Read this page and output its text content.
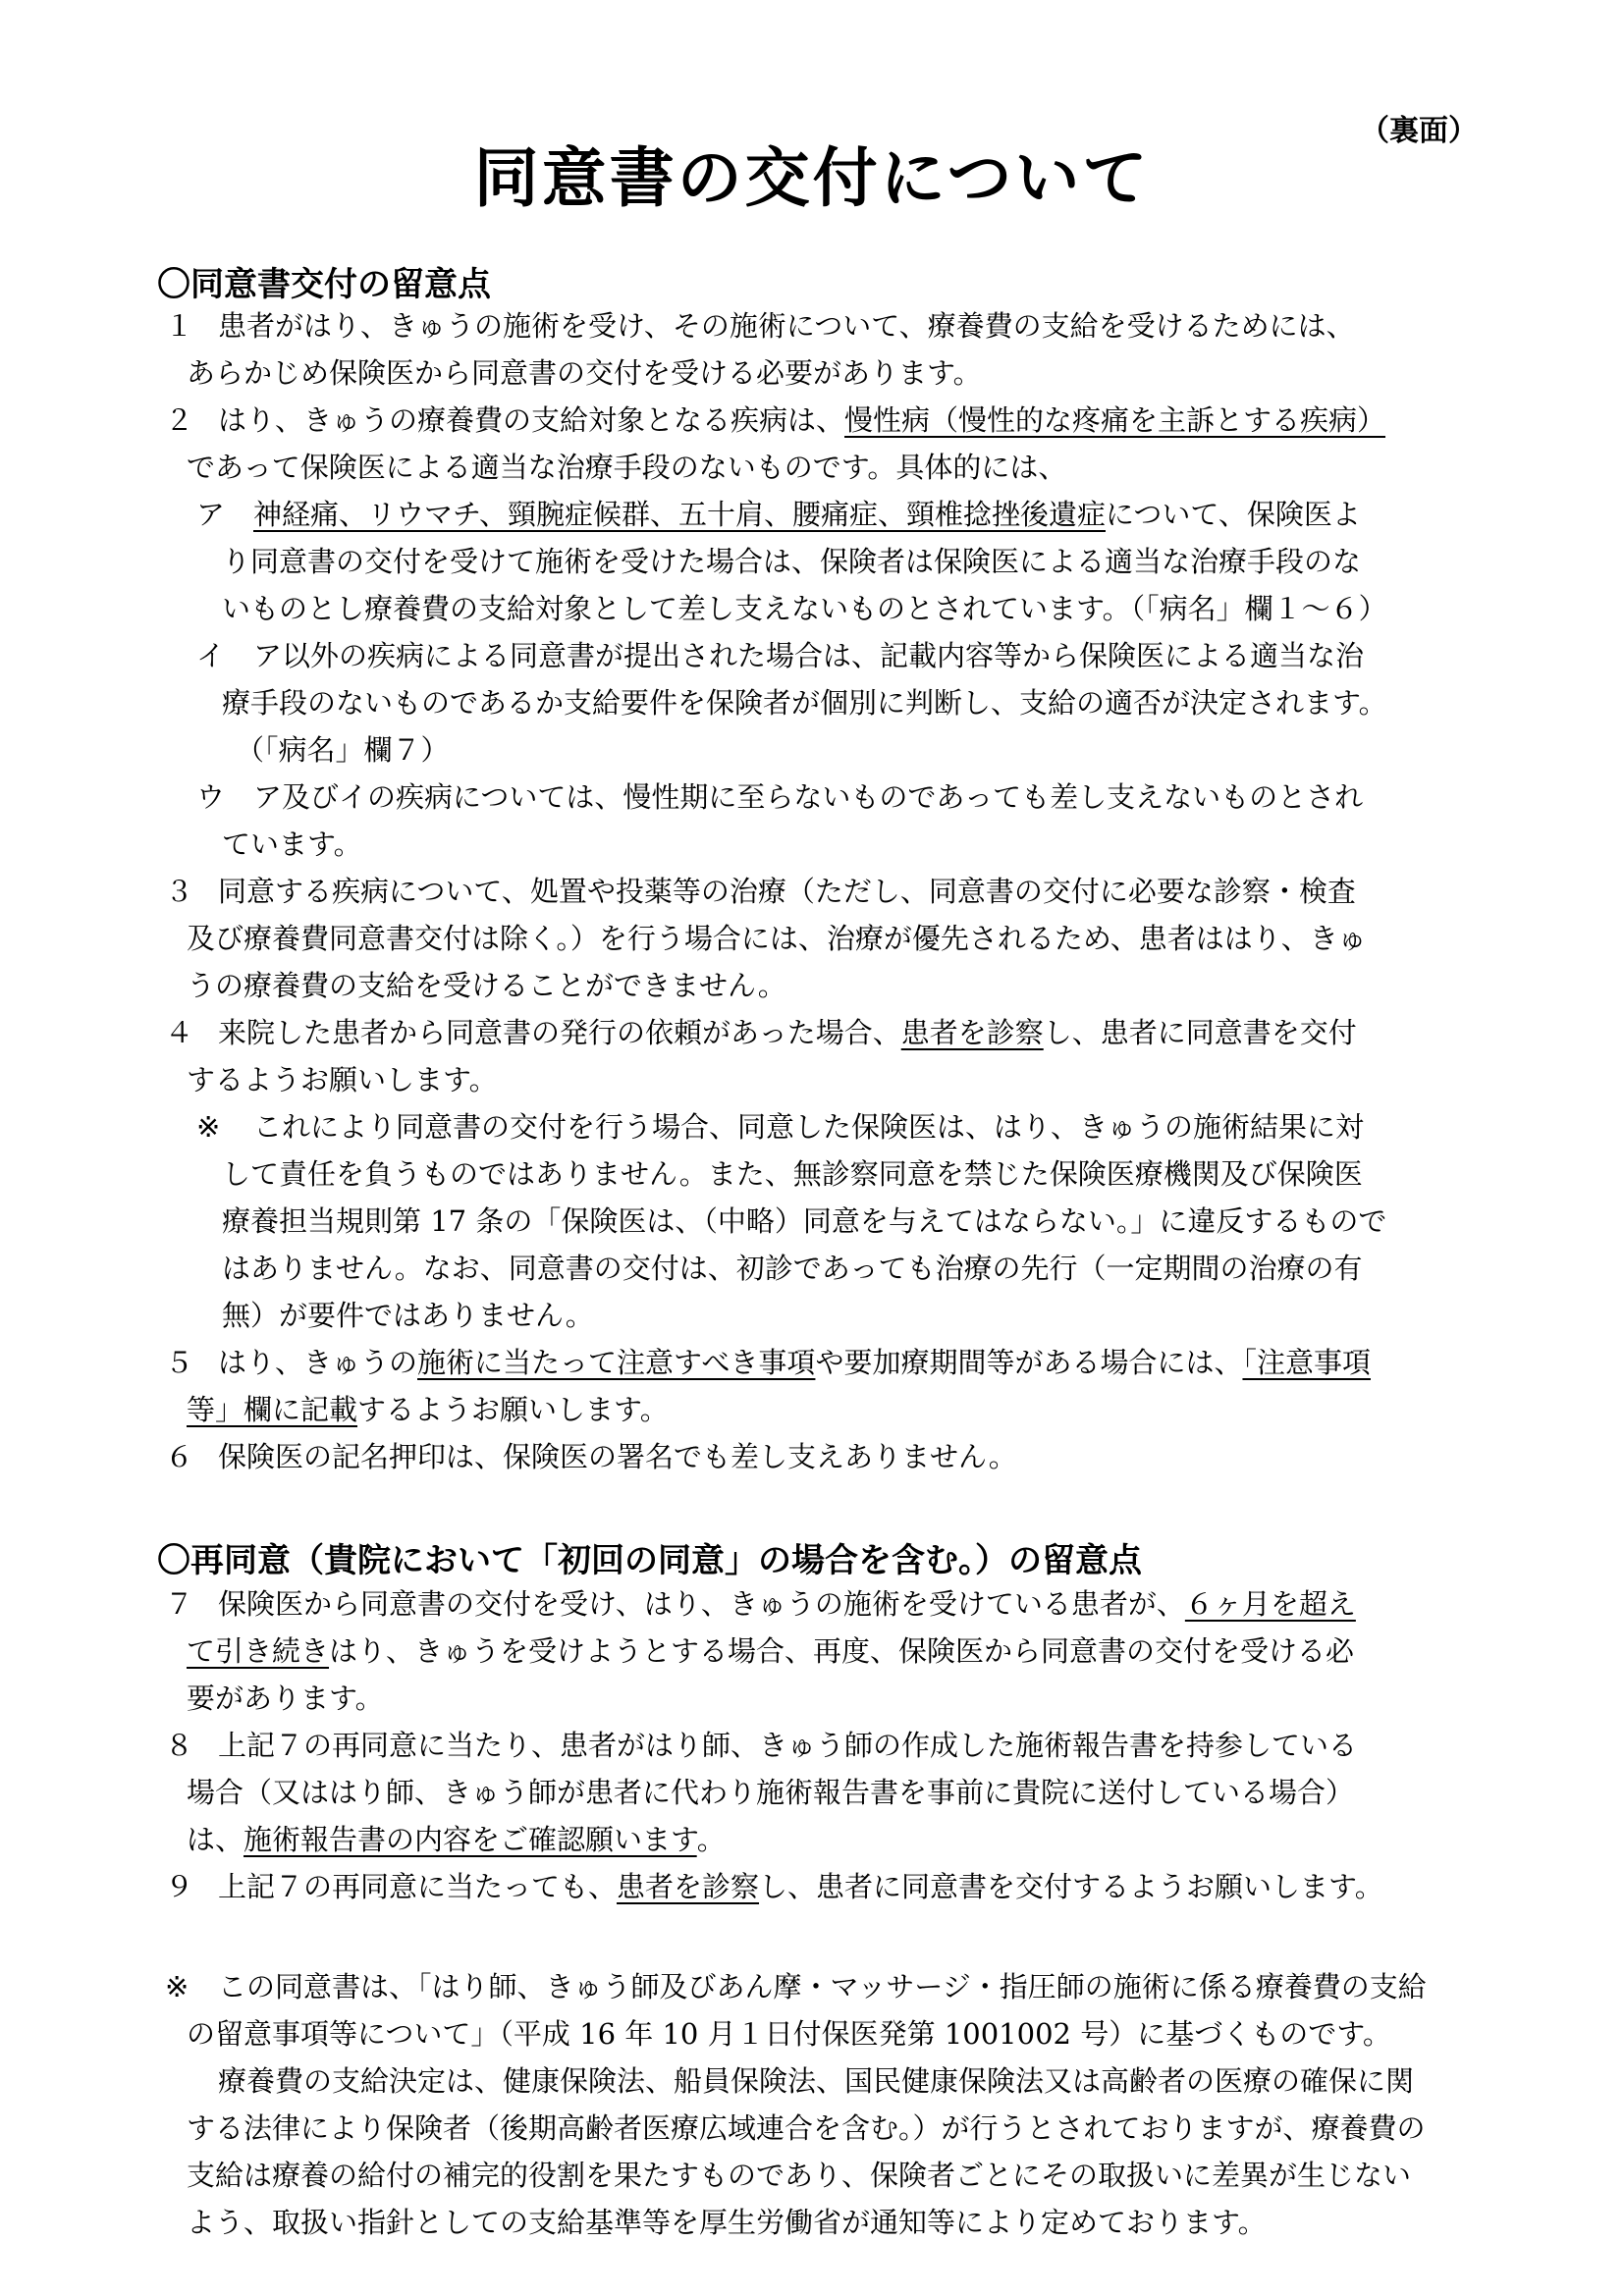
（裏面）
同意書の交付について
〇同意書交付の留意点
１ 患者がはり、きゅうの施術を受け、その施術について、療養費の支給を受けるためには、
あらかじめ保険医から同意書の交付を受ける必要があります。
２ はり、きゅうの療養費の支給対象となる疾病は、慢性病（慢性的な疼痛を主訴とする疾病）
であって保険医による適当な治療手段のないものです。具体的には、
ア 神経痛、リウマチ、頸腕症候群、五十肩、腰痛症、頸椎捻挫後遺症について、保険医よ
り同意書の交付を受けて施術を受けた場合は、保険者は保険医による適当な治療手段のな
いものとし療養費の支給対象として差し支えないものとされています。（「病名」欄１～６）
イ ア以外の疾病による同意書が提出された場合は、記載内容等から保険医による適当な治
療手段のないものであるか支給要件を保険者が個別に判断し、支給の適否が決定されます。
（「病名」欄７）
ウ ア及びイの疾病については、慢性期に至らないものであっても差し支えないものとされ
ています。
３ 同意する疾病について、処置や投薬等の治療（ただし、同意書の交付に必要な診察・検査
及び療養費同意書交付は除く。）を行う場合には、治療が優先されるため、患者ははり、きゅ
うの療養費の支給を受けることができません。
４ 来院した患者から同意書の発行の依頼があった場合、患者を診察し、患者に同意書を交付
するようお願いします。
※ これにより同意書の交付を行う場合、同意した保険医は、はり、きゅうの施術結果に対
して責任を負うものではありません。また、無診察同意を禁じた保険医療機関及び保険医
療養担当規則第 17 条の「保険医は、（中略）同意を与えてはならない。」に違反するもので
はありません。なお、同意書の交付は、初診であっても治療の先行（一定期間の治療の有
無）が要件ではありません。
５ はり、きゅうの施術に当たって注意すべき事項や要加療期間等がある場合には、「注意事項
等」欄に記載するようお願いします。
６ 保険医の記名押印は、保険医の署名でも差し支えありません。
〇再同意（貴院において「初回の同意」の場合を含む。）の留意点
７ 保険医から同意書の交付を受け、はり、きゅうの施術を受けている患者が、６ヶ月を超え
て引き続きはり、きゅうを受けようとする場合、再度、保険医から同意書の交付を受ける必
要があります。
８ 上記７の再同意に当たり、患者がはり師、きゅう師の作成した施術報告書を持参している
場合（又ははり師、きゅう師が患者に代わり施術報告書を事前に貴院に送付している場合）
は、施術報告書の内容をご確認願います。
９ 上記７の再同意に当たっても、患者を診察し、患者に同意書を交付するようお願いします。
※ この同意書は、「はり師、きゅう師及びあん摩・マッサージ・指圧師の施術に係る療養費の支給
の留意事項等について」（平成 16 年 10 月１日付保医発第 1001002 号）に基づくものです。
療養費の支給決定は、健康保険法、船員保険法、国民健康保険法又は高齢者の医療の確保に関
する法律により保険者（後期高齢者医療広域連合を含む。）が行うとされておりますが、療養費の
支給は療養の給付の補完的役割を果たすものであり、保険者ごとにその取扱いに差異が生じない
よう、取扱い指針としての支給基準等を厚生労働省が通知等により定めております。
